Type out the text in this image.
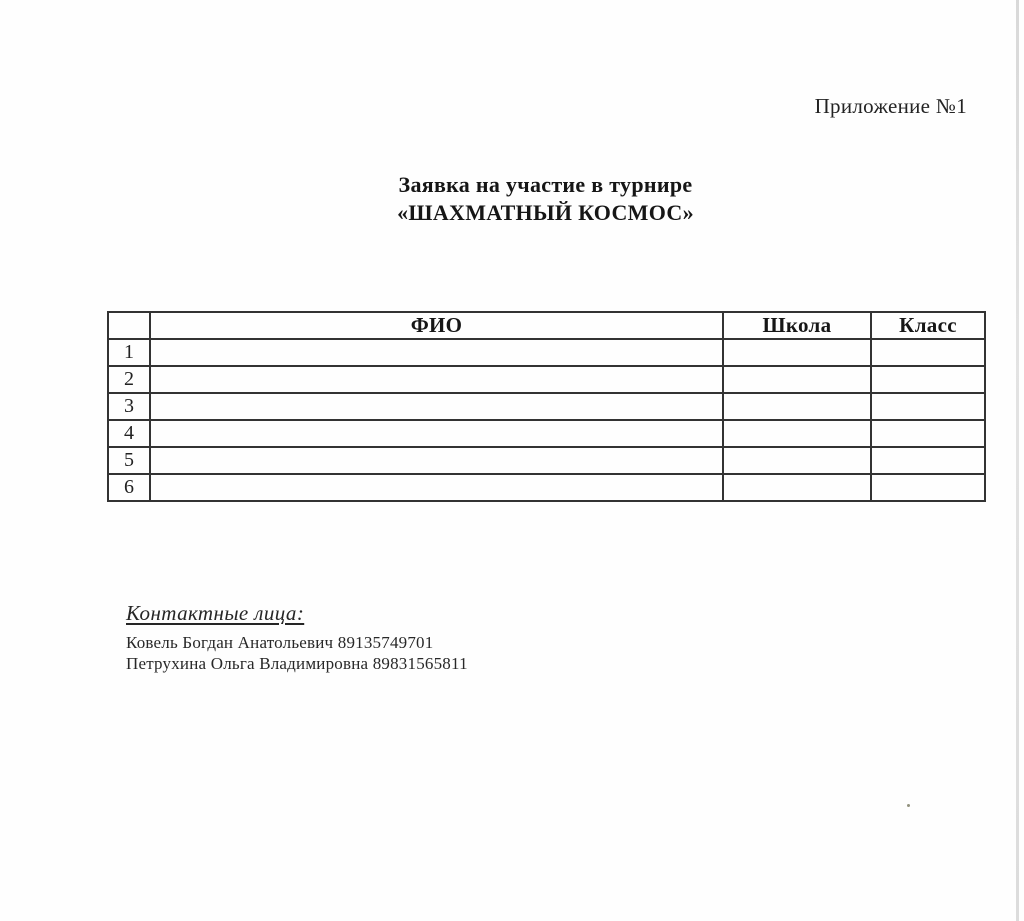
Приложение №1
Заявка на участие в турнире
«ШАХМАТНЫЙ КОСМОС»
	ФИО	Школа	Класс
1			
2			
3			
4			
5			
6			
Контактные лица:
Ковель Богдан Анатольевич 89135749701
Петрухина Ольга Владимировна 89831565811
